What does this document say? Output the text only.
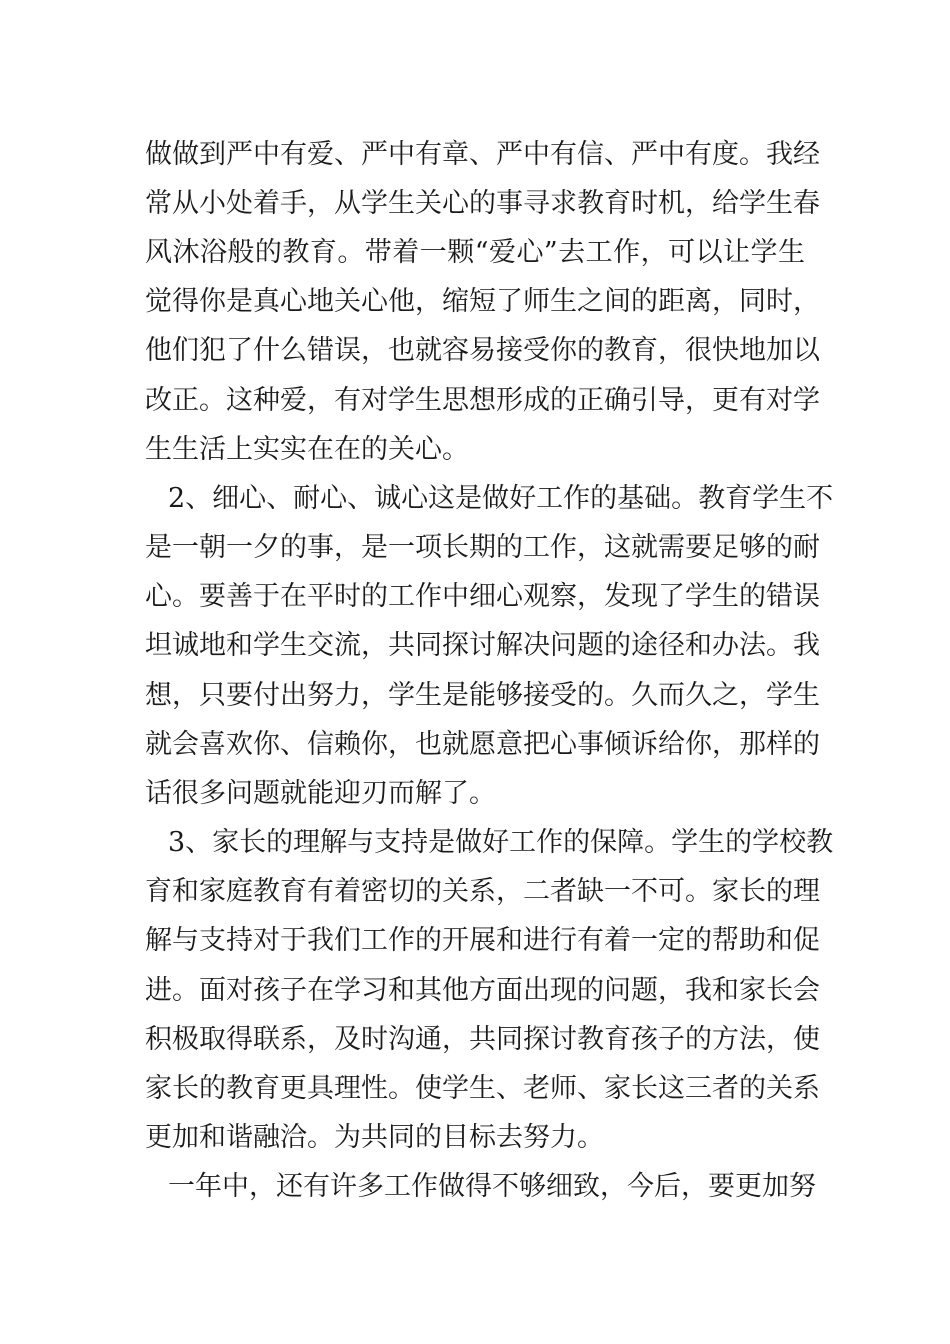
做做到严中有爱、严中有章、严中有信、严中有度。我经
常从小处着手，从学生关心的事寻求教育时机，给学生春
风沐浴般的教育。带着一颗“爱心”去工作，可以让学生
觉得你是真心地关心他，缩短了师生之间的距离，同时，
他们犯了什么错误，也就容易接受你的教育，很快地加以
改正。这种爱，有对学生思想形成的正确引导，更有对学
生生活上实实在在的关心。
2、细心、耐心、诚心这是做好工作的基础。教育学生不
是一朝一夕的事，是一项长期的工作，这就需要足够的耐
心。要善于在平时的工作中细心观察，发现了学生的错误
坦诚地和学生交流，共同探讨解决问题的途径和办法。我
想，只要付出努力，学生是能够接受的。久而久之，学生
就会喜欢你、信赖你，也就愿意把心事倾诉给你，那样的
话很多问题就能迎刃而解了。
3、家长的理解与支持是做好工作的保障。学生的学校教
育和家庭教育有着密切的关系，二者缺一不可。家长的理
解与支持对于我们工作的开展和进行有着一定的帮助和促
进。面对孩子在学习和其他方面出现的问题，我和家长会
积极取得联系，及时沟通，共同探讨教育孩子的方法，使
家长的教育更具理性。使学生、老师、家长这三者的关系
更加和谐融洽。为共同的目标去努力。
一年中，还有许多工作做得不够细致，今后，要更加努
